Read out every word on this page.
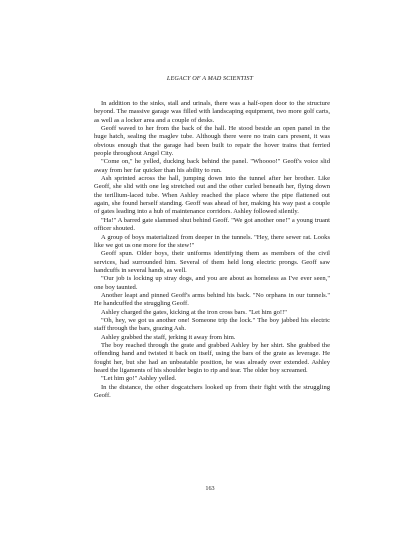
LEGACY OF A MAD SCIENTIST

In addition to the sinks, stall and urinals, there was a half-open door to the structure beyond. The massive garage was filled with landscaping equipment, two more golf carts, as well as a locker area and a couple of desks.

Geoff waved to her from the back of the hall. He stood beside an open panel in the huge hatch, sealing the maglev tube. Although there were no train cars present, it was obvious enough that the garage had been built to repair the hover trains that ferried people throughout Angel City.

"Come on," he yelled, ducking back behind the panel. "Whoooo!" Geoff's voice slid away from her far quicker than his ability to run.

Ash sprinted across the hall, jumping down into the tunnel after her brother. Like Geoff, she slid with one leg stretched out and the other curled beneath her, flying down the terillium-laced tube. When Ashley reached the place where the pipe flattened out again, she found herself standing. Geoff was ahead of her, making his way past a couple of gates leading into a hub of maintenance corridors. Ashley followed silently.

"Ha!" A barred gate slammed shut behind Geoff. "We got another one!" a young truant officer shouted.

A group of boys materialized from deeper in the tunnels. "Hey, there sewer rat. Looks like we got us one more for the stew!"

Geoff spun. Older boys, their uniforms identifying them as members of the civil services, had surrounded him. Several of them held long electric prongs. Geoff saw handcuffs in several hands, as well.

"Our job is locking up stray dogs, and you are about as homeless as I've ever seen," one boy taunted.

Another leapt and pinned Geoff's arms behind his back. "No orphans in our tunnels." He handcuffed the struggling Geoff.

Ashley charged the gates, kicking at the iron cross bars. "Let him go!!"

"Oh, hey, we got us another one! Someone trip the lock." The boy jabbed his electric staff through the bars, grazing Ash.

Ashley grabbed the staff, jerking it away from him.

The boy reached through the grate and grabbed Ashley by her shirt. She grabbed the offending hand and twisted it back on itself, using the bars of the grate as leverage. He fought her, but she had an unbeatable position, he was already over extended. Ashley heard the ligaments of his shoulder begin to rip and tear. The older boy screamed.

"Let him go!" Ashley yelled.

In the distance, the other dogcatchers looked up from their fight with the struggling Geoff.

163
